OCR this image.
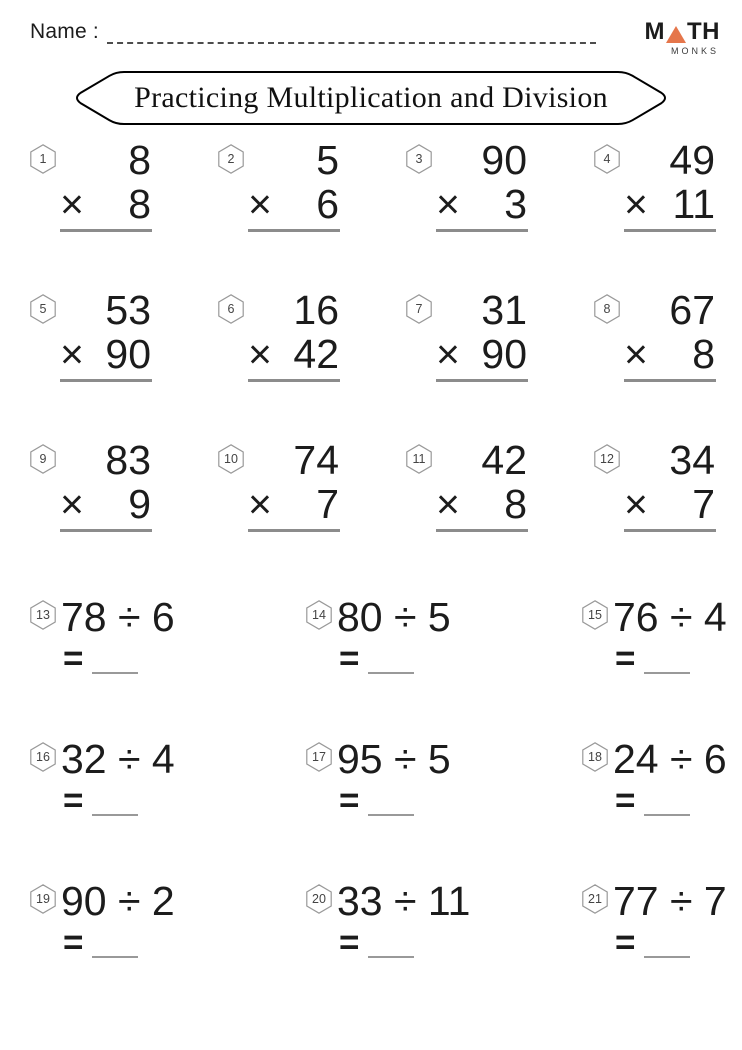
Name :	M TH
MONKS
Practicing Multiplication and Division
1	8
× 8
2	5
× 6
3	90
× 3
4	49
× 11
5	53
× 90
6	16
× 42
7	31
× 90
8	67
× 8
9	83
× 9
10	74
× 7
11	42
× 8
12	34
× 7
13 78 ÷ 6
=
14 80 ÷ 5
=
15 76 ÷ 4
=
16 32 ÷ 4
=
17 95 ÷ 5
=
18 24 ÷ 6
=
19 90 ÷ 2
=
20 33 ÷ 11
=
21 77 ÷ 7
=
